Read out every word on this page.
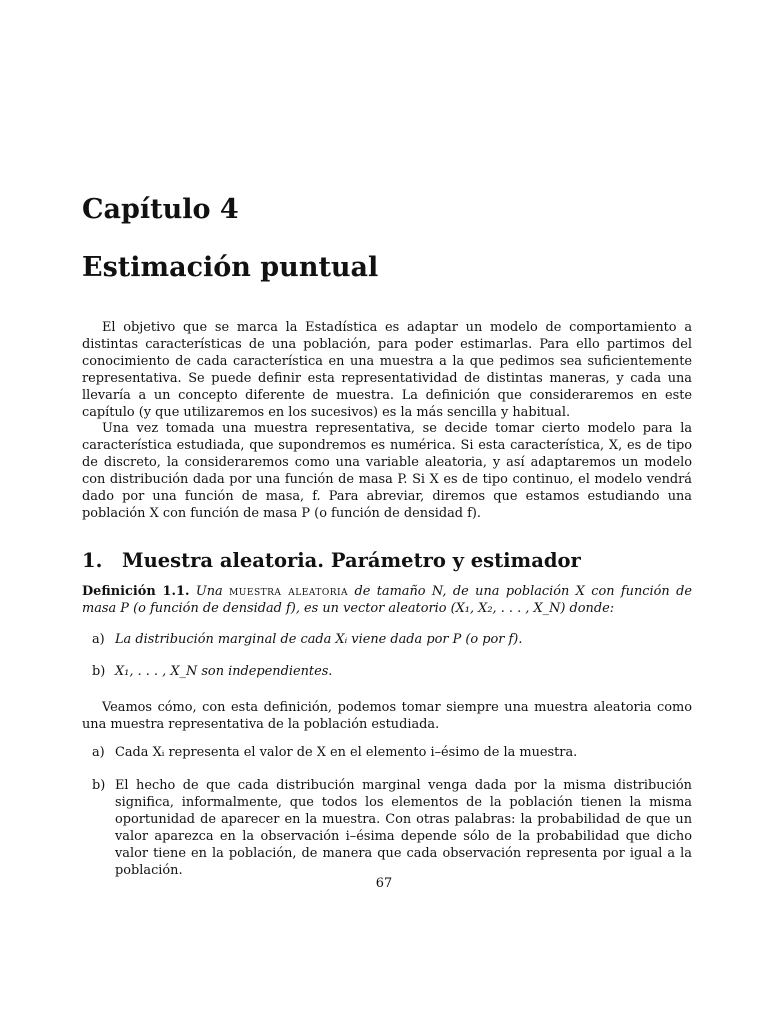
Capítulo 4
Estimación puntual

El objetivo que se marca la Estadística es adaptar un modelo de comportamiento a distintas características de una población, para poder estimarlas. Para ello partimos del conocimiento de cada característica en una muestra a la que pedimos sea suficientemente representativa. Se puede definir esta representatividad de distintas maneras, y cada una llevaría a un concepto diferente de muestra. La definición que consideraremos en este capítulo (y que utilizaremos en los sucesivos) es la más sencilla y habitual.

Una vez tomada una muestra representativa, se decide tomar cierto modelo para la característica estudiada, que supondremos es numérica. Si esta característica, X, es de tipo de discreto, la consideraremos como una variable aleatoria, y así adaptaremos un modelo con distribución dada por una función de masa P. Si X es de tipo continuo, el modelo vendrá dado por una función de masa, f. Para abreviar, diremos que estamos estudiando una población X con función de masa P (o función de densidad f).

1. Muestra aleatoria. Parámetro y estimador

Definición 1.1. Una muestra aleatoria de tamaño N, de una población X con función de masa P (o función de densidad f), es un vector aleatorio (X₁, X₂, . . . , X_N) donde:

a) La distribución marginal de cada Xᵢ viene dada por P (o por f).
b) X₁, . . . , X_N son independientes.

Veamos cómo, con esta definición, podemos tomar siempre una muestra aleatoria como una muestra representativa de la población estudiada.

a) Cada Xᵢ representa el valor de X en el elemento i–ésimo de la muestra.
b) El hecho de que cada distribución marginal venga dada por la misma distribución significa, informalmente, que todos los elementos de la población tienen la misma oportunidad de aparecer en la muestra. Con otras palabras: la probabilidad de que un valor aparezca en la observación i–ésima depende sólo de la probabilidad que dicho valor tiene en la población, de manera que cada observación representa por igual a la población.
67
